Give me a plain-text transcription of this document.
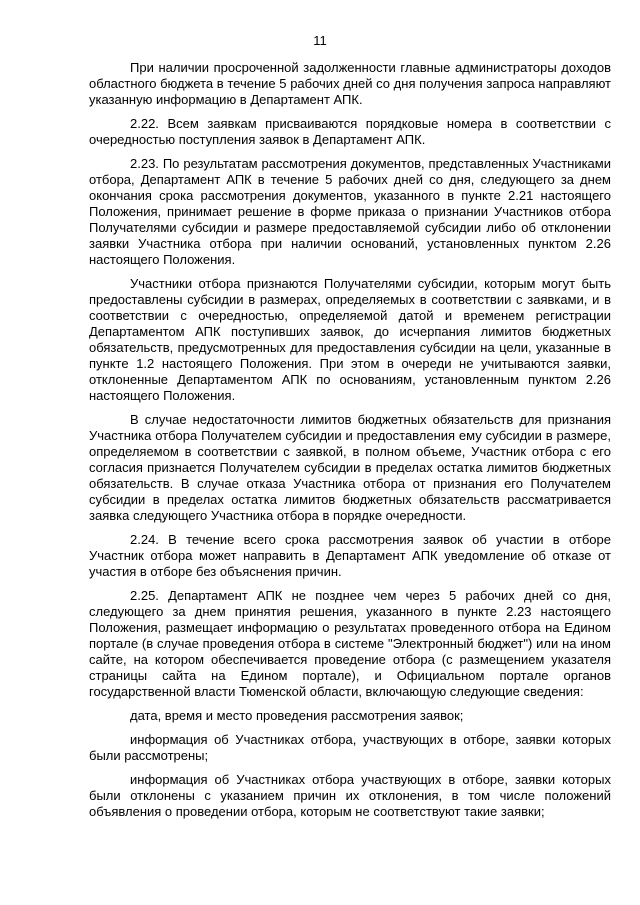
11

При наличии просроченной задолженности главные администраторы доходов областного бюджета в течение 5 рабочих дней со дня получения запроса направляют указанную информацию в Департамент АПК.

2.22. Всем заявкам присваиваются порядковые номера в соответствии с очередностью поступления заявок в Департамент АПК.

2.23. По результатам рассмотрения документов, представленных Участниками отбора, Департамент АПК в течение 5 рабочих дней со дня, следующего за днем окончания срока рассмотрения документов, указанного в пункте 2.21 настоящего Положения, принимает решение в форме приказа о признании Участников отбора Получателями субсидии и размере предоставляемой субсидии либо об отклонении заявки Участника отбора при наличии оснований, установленных пунктом 2.26 настоящего Положения.

Участники отбора признаются Получателями субсидии, которым могут быть предоставлены субсидии в размерах, определяемых в соответствии с заявками, и в соответствии с очередностью, определяемой датой и временем регистрации Департаментом АПК поступивших заявок, до исчерпания лимитов бюджетных обязательств, предусмотренных для предоставления субсидии на цели, указанные в пункте 1.2 настоящего Положения. При этом в очереди не учитываются заявки, отклоненные Департаментом АПК по основаниям, установленным пунктом 2.26 настоящего Положения.

В случае недостаточности лимитов бюджетных обязательств для признания Участника отбора Получателем субсидии и предоставления ему субсидии в размере, определяемом в соответствии с заявкой, в полном объеме, Участник отбора с его согласия признается Получателем субсидии в пределах остатка лимитов бюджетных обязательств. В случае отказа Участника отбора от признания его Получателем субсидии в пределах остатка лимитов бюджетных обязательств рассматривается заявка следующего Участника отбора в порядке очередности.

2.24. В течение всего срока рассмотрения заявок об участии в отборе Участник отбора может направить в Департамент АПК уведомление об отказе от участия в отборе без объяснения причин.

2.25. Департамент АПК не позднее чем через 5 рабочих дней со дня, следующего за днем принятия решения, указанного в пункте 2.23 настоящего Положения, размещает информацию о результатах проведенного отбора на Едином портале (в случае проведения отбора в системе "Электронный бюджет") или на ином сайте, на котором обеспечивается проведение отбора (с размещением указателя страницы сайта на Едином портале), и Официальном портале органов государственной власти Тюменской области, включающую следующие сведения:

дата, время и место проведения рассмотрения заявок;

информация об Участниках отбора, участвующих в отборе, заявки которых были рассмотрены;

информация об Участниках отбора участвующих в отборе, заявки которых были отклонены с указанием причин их отклонения, в том числе положений объявления о проведении отбора, которым не соответствуют такие заявки;
